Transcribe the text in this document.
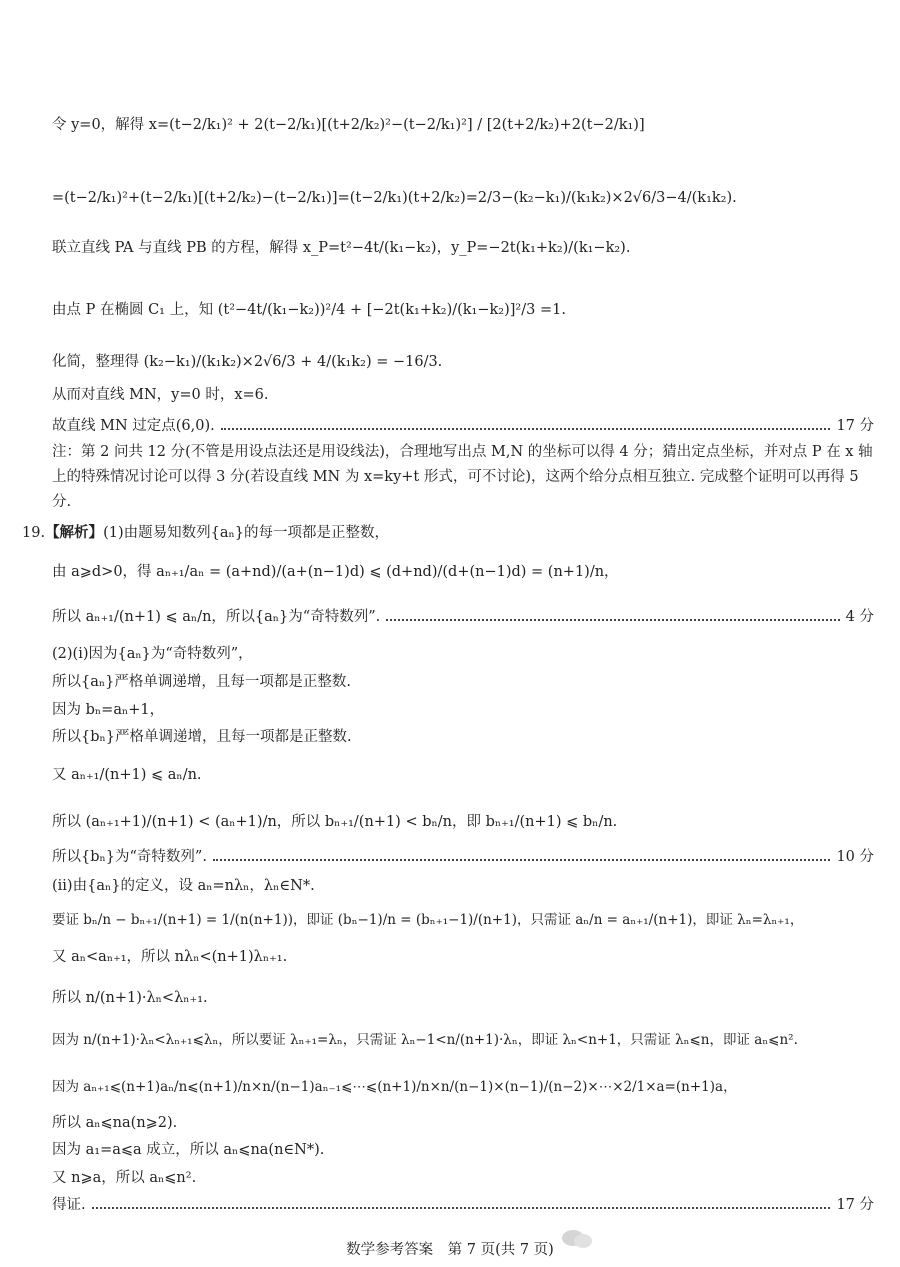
令 y=0，解得 x=(t−2/k₁)² + 2(t−2/k₁)[(t+2/k₂)²−(t−2/k₁)²] / [2(t+2/k₂)+2(t−2/k₁)]
=(t−2/k₁)²+(t−2/k₁)[(t+2/k₂)−(t−2/k₁)]=(t−2/k₁)(t+2/k₂)=2/3−(k₂−k₁)/(k₁k₂)×2√6/3−4/(k₁k₂).
联立直线 PA 与直线 PB 的方程，解得 x_P=t²−4t/(k₁−k₂)，y_P=−2t(k₁+k₂)/(k₁−k₂).
由点 P 在椭圆 C₁ 上，知 (t²−4t/(k₁−k₂))²/4 + [−2t(k₁+k₂)/(k₁−k₂)]²/3 =1.
化简，整理得 (k₂−k₁)/(k₁k₂)×2√6/3 + 4/(k₁k₂) = −16/3.
从而对直线 MN，y=0 时，x=6.
故直线 MN 过定点(6,0).	17 分
注：第 2 问共 12 分(不管是用设点法还是用设线法)，合理地写出点 M,N 的坐标可以得 4 分；猜出定点坐标，并对点 P 在 x 轴上的特殊情况讨论可以得 3 分(若设直线 MN 为 x=ky+t 形式，可不讨论)，这两个给分点相互独立. 完成整个证明可以再得 5 分.
19.【解析】(1)由题易知数列{aₙ}的每一项都是正整数，
由 a⩾d>0，得 aₙ₊₁/aₙ = (a+nd)/(a+(n−1)d) ⩽ (d+nd)/(d+(n−1)d) = (n+1)/n，
所以 aₙ₊₁/(n+1) ⩽ aₙ/n，所以{aₙ}为“奇特数列”.	4 分
(2)(i)因为{aₙ}为“奇特数列”，
所以{aₙ}严格单调递增，且每一项都是正整数.
因为 bₙ=aₙ+1，
所以{bₙ}严格单调递增，且每一项都是正整数.
又 aₙ₊₁/(n+1) ⩽ aₙ/n.
所以 (aₙ₊₁+1)/(n+1) < (aₙ+1)/n，所以 bₙ₊₁/(n+1) < bₙ/n，即 bₙ₊₁/(n+1) ⩽ bₙ/n.
所以{bₙ}为“奇特数列”.	10 分
(ii)由{aₙ}的定义，设 aₙ=nλₙ，λₙ∈N*.
要证 bₙ/n − bₙ₊₁/(n+1) = 1/(n(n+1))，即证 (bₙ−1)/n = (bₙ₊₁−1)/(n+1)，只需证 aₙ/n = aₙ₊₁/(n+1)，即证 λₙ=λₙ₊₁，
又 aₙ<aₙ₊₁，所以 nλₙ<(n+1)λₙ₊₁.
所以 n/(n+1)·λₙ<λₙ₊₁.
因为 n/(n+1)·λₙ<λₙ₊₁⩽λₙ，所以要证 λₙ₊₁=λₙ，只需证 λₙ−1<n/(n+1)·λₙ，即证 λₙ<n+1，只需证 λₙ⩽n，即证 aₙ⩽n².
因为 aₙ₊₁⩽(n+1)aₙ/n⩽(n+1)/n×n/(n−1)aₙ₋₁⩽⋯⩽(n+1)/n×n/(n−1)×(n−1)/(n−2)×⋯×2/1×a=(n+1)a，
所以 aₙ⩽na(n⩾2).
因为 a₁=a⩽a 成立，所以 aₙ⩽na(n∈N*).
又 n⩾a，所以 aₙ⩽n².
得证.	17 分
数学参考答案　第 7 页(共 7 页)
